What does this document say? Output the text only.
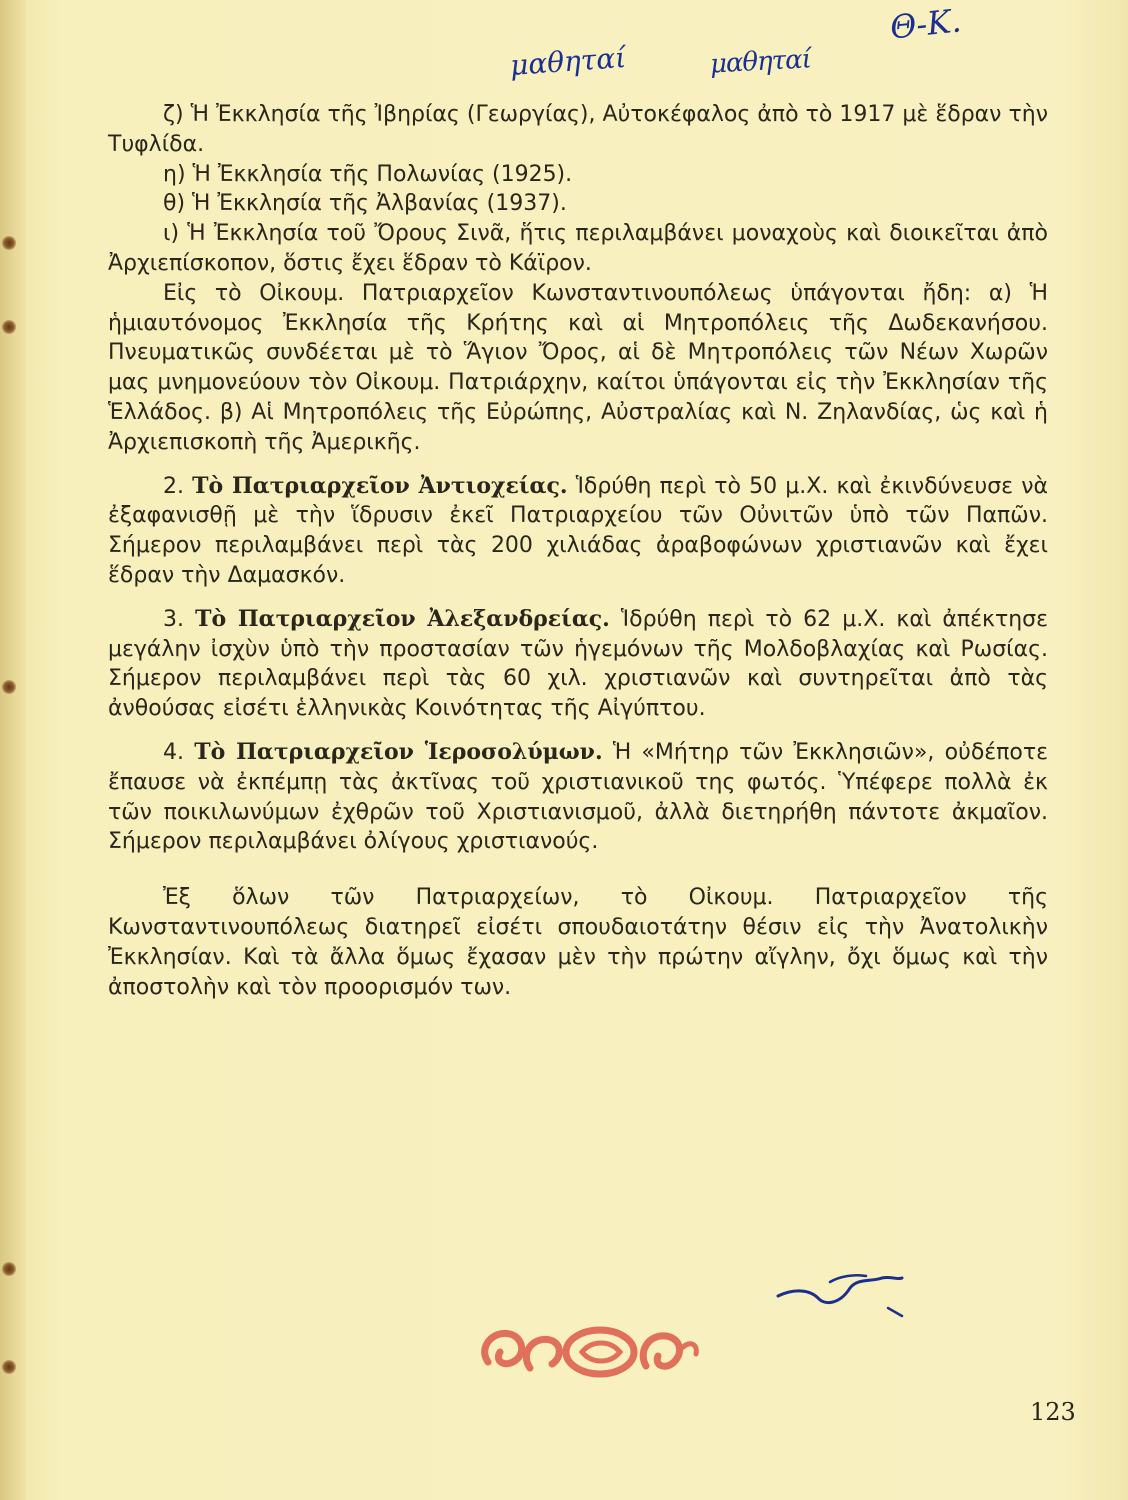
μαθηταί	μαθηταί
Θ-Κ.

ζ) Ἡ Ἐκκλησία τῆς Ἰβηρίας (Γεωργίας), Αὐτοκέφαλος ἀπὸ τὸ 1917 μὲ ἕδραν τὴν Τυφλίδα.

η) Ἡ Ἐκκλησία τῆς Πολωνίας (1925).

θ) Ἡ Ἐκκλησία τῆς Ἀλβανίας (1937).

ι) Ἡ Ἐκκλησία τοῦ Ὄρους Σινᾶ, ἥτις περιλαμβάνει μοναχοὺς καὶ διοικεῖται ἀπὸ Ἀρχιεπίσκοπον, ὅστις ἔχει ἕδραν τὸ Κάϊρον.

Εἰς τὸ Οἰκουμ. Πατριαρχεῖον Κωνσταντινουπόλεως ὑπάγονται ἤδη: α) Ἡ ἡμιαυτόνομος Ἐκκλησία τῆς Κρήτης καὶ αἱ Μητροπόλεις τῆς Δωδεκανήσου. Πνευματικῶς συνδέεται μὲ τὸ Ἅγιον Ὄρος, αἱ δὲ Μητροπόλεις τῶν Νέων Χωρῶν μας μνημονεύουν τὸν Οἰκουμ. Πατριάρχην, καίτοι ὑπάγονται εἰς τὴν Ἐκκλησίαν τῆς Ἑλλάδος. β) Αἱ Μητροπόλεις τῆς Εὐρώπης, Αὐστραλίας καὶ Ν. Ζηλανδίας, ὡς καὶ ἡ Ἀρχιεπισκοπὴ τῆς Ἀμερικῆς.

2. Τὸ Πατριαρχεῖον Ἀντιοχείας. Ἱδρύθη περὶ τὸ 50 μ.Χ. καὶ ἐκινδύνευσε νὰ ἐξαφανισθῇ μὲ τὴν ἵδρυσιν ἐκεῖ Πατριαρχείου τῶν Οὐνιτῶν ὑπὸ τῶν Παπῶν. Σήμερον περιλαμβάνει περὶ τὰς 200 χιλιάδας ἀραβοφώνων χριστιανῶν καὶ ἔχει ἕδραν τὴν Δαμασκόν.

3. Τὸ Πατριαρχεῖον Ἀλεξανδρείας. Ἱδρύθη περὶ τὸ 62 μ.Χ. καὶ ἀπέκτησε μεγάλην ἰσχὺν ὑπὸ τὴν προστασίαν τῶν ἡγεμόνων τῆς Μολδοβλαχίας καὶ Ρωσίας. Σήμερον περιλαμβάνει περὶ τὰς 60 χιλ. χριστιανῶν καὶ συντηρεῖται ἀπὸ τὰς ἀνθούσας εἰσέτι ἑλληνικὰς Κοινότητας τῆς Αἰγύπτου.

4. Τὸ Πατριαρχεῖον Ἱεροσολύμων. Ἡ «Μήτηρ τῶν Ἐκκλησιῶν», οὐδέποτε ἔπαυσε νὰ ἐκπέμπῃ τὰς ἀκτῖνας τοῦ χριστιανικοῦ της φωτός. Ὑπέφερε πολλὰ ἐκ τῶν ποικιλωνύμων ἐχθρῶν τοῦ Χριστιανισμοῦ, ἀλλὰ διετηρήθη πάντοτε ἀκμαῖον. Σήμερον περιλαμβάνει ὀλίγους χριστιανούς.

Ἐξ ὅλων τῶν Πατριαρχείων, τὸ Οἰκουμ. Πατριαρχεῖον τῆς Κωνσταντινουπόλεως διατηρεῖ εἰσέτι σπουδαιοτάτην θέσιν εἰς τὴν Ἀνατολικὴν Ἐκκλησίαν. Καὶ τὰ ἄλλα ὅμως ἔχασαν μὲν τὴν πρώτην αἴγλην, ὄχι ὅμως καὶ τὴν ἀποστολὴν καὶ τὸν προορισμόν των.

123
